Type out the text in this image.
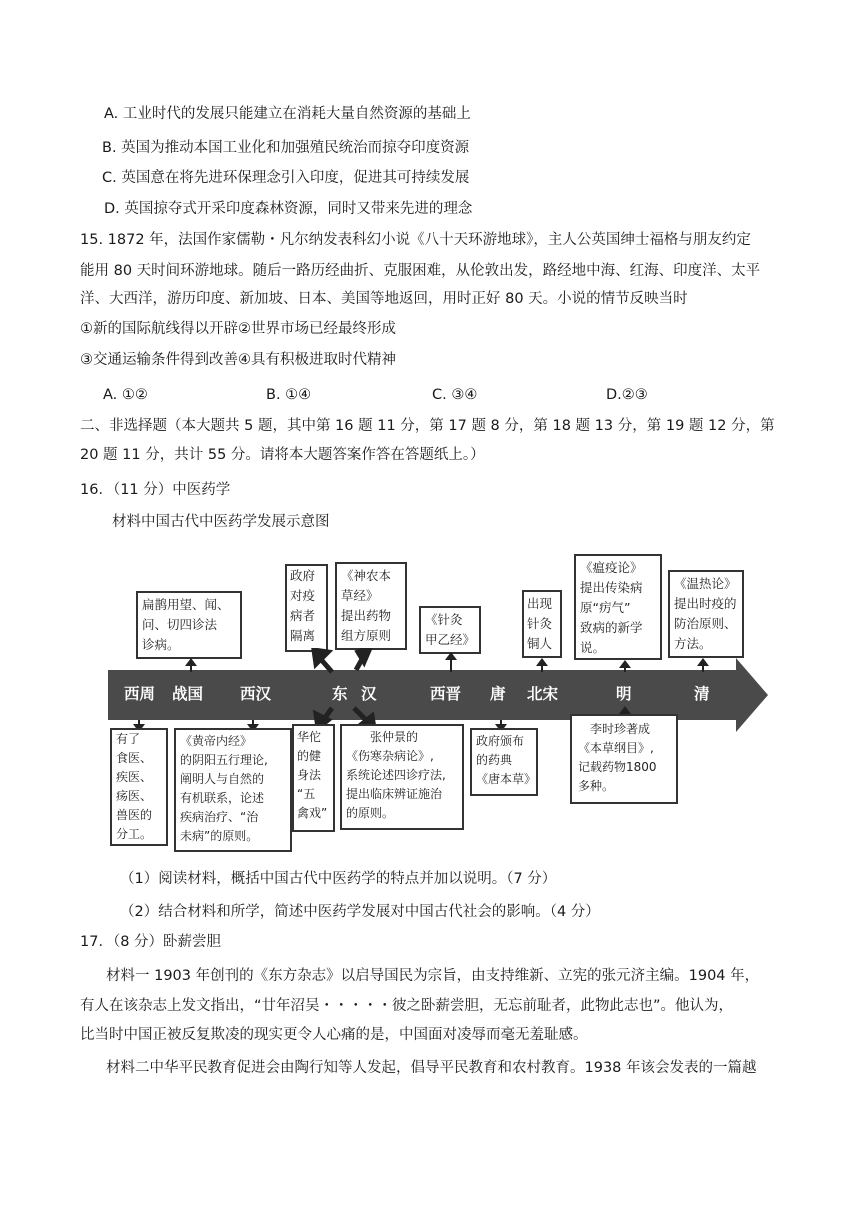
A. 工业时代的发展只能建立在消耗大量自然资源的基础上
B. 英国为推动本国工业化和加强殖民统治而掠夺印度资源
C. 英国意在将先进环保理念引入印度，促进其可持续发展
D. 英国掠夺式开采印度森林资源，同时又带来先进的理念
15. 1872 年，法国作家儒勒・凡尔纳发表科幻小说《八十天环游地球》，主人公英国绅士福格与朋友约定
能用 80 天时间环游地球。随后一路历经曲折、克服困难，从伦敦出发，路经地中海、红海、印度洋、太平
洋、大西洋，游历印度、新加坡、日本、美国等地返回，用时正好 80 天。小说的情节反映当时
①新的国际航线得以开辟②世界市场已经最终形成
③交通运输条件得到改善④具有积极进取时代精神
A. ①②	B. ①④	C. ③④	D.②③
二、非选择题（本大题共 5 题，其中第 16 题 11 分，第 17 题 8 分，第 18 题 13 分，第 19 题 12 分，第
20 题 11 分，共计 55 分。请将本大题答案作答在答题纸上。）
16．（11 分）中医药学
材料中国古代中医药学发展示意图
扁鹊用望、闻、
问、切四诊法
诊病。
政府
对疫
病者
隔离
《神农本
草经》
提出药物
组方原则
《针灸
甲乙经》
出现
针灸
铜人
《瘟疫论》
提出传染病
原“疠气”
致病的新学
说。
《温热论》
提出时疫的
防治原则、
方法。
西周 战国 西汉	东 汉	西晋 唐 北宋	明	清
有了
食医、
疾医、
疡医、
兽医的
分工。
《黄帝内经》
的阴阳五行理论,
阐明人与自然的
有机联系，论述
疾病治疗、“治
未病”的原则。
华佗
的健
身法
“五
禽戏”
张仲景的
《伤寒杂病论》,
系统论述四诊疗法,
提出临床辨证施治
的原则。
政府颁布
的药典
《唐本草》
李时珍著成
《本草纲目》,
记载药物1800
多种。
（1）阅读材料，概括中国古代中医药学的特点并加以说明。（7 分）
（2）结合材料和所学，简述中医药学发展对中国古代社会的影响。（4 分）
17．（8 分）卧薪尝胆
材料一 1903 年创刊的《东方杂志》以启导国民为宗旨，由支持维新、立宪的张元济主编。1904 年，
有人在该杂志上发文指出，“廿年沼吴・・・・・彼之卧薪尝胆，无忘前耻者，此物此志也”。他认为，
比当时中国正被反复欺凌的现实更令人心痛的是，中国面对凌辱而毫无羞耻感。
材料二中华平民教育促进会由陶行知等人发起，倡导平民教育和农村教育。1938 年该会发表的一篇越
